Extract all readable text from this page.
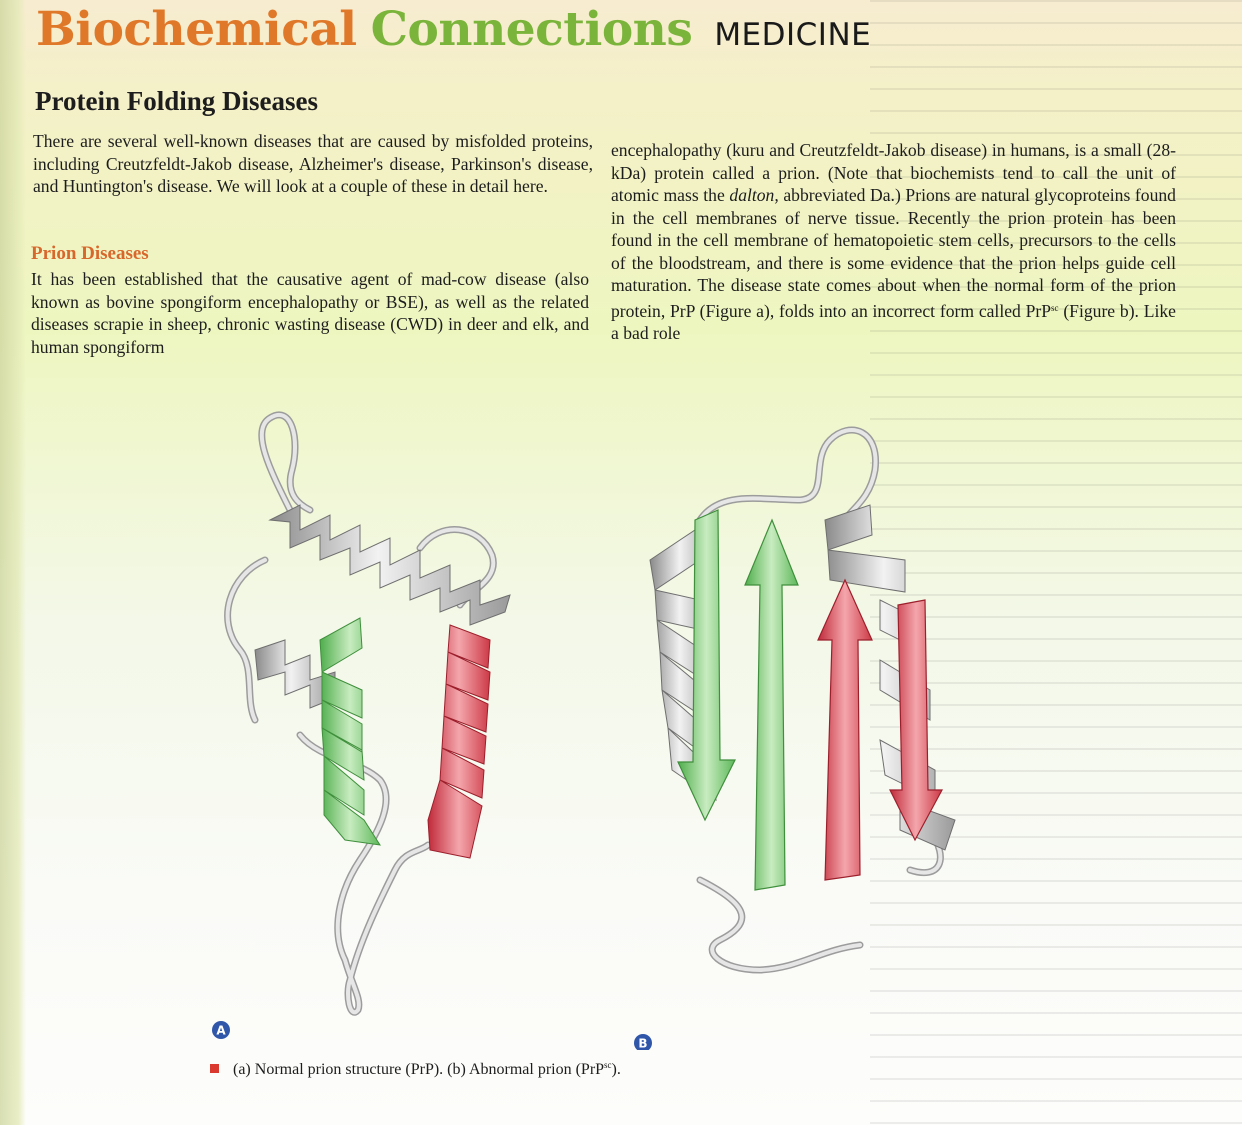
Biochemical Connections MEDICINE
Protein Folding Diseases

There are several well-known diseases that are caused by misfolded proteins, including Creutzfeldt-Jakob disease, Alzheimer's disease, Parkinson's disease, and Huntington's disease. We will look at a couple of these in detail here.

Prion Diseases

It has been established that the causative agent of mad-cow disease (also known as bovine spongiform encephalopathy or BSE), as well as the related diseases scrapie in sheep, chronic wasting disease (CWD) in deer and elk, and human spongiform

encephalopathy (kuru and Creutzfeldt-Jakob disease) in humans, is a small (28-kDa) protein called a prion. (Note that biochemists tend to call the unit of atomic mass the dalton, abbreviated Da.) Prions are natural glycoproteins found in the cell membranes of nerve tissue. Recently the prion protein has been found in the cell membrane of hematopoietic stem cells, precursors to the cells of the bloodstream, and there is some evidence that the prion helps guide cell maturation. The disease state comes about when the normal form of the prion protein, PrP (Figure a), folds into an incorrect form called PrP$^{sc}$ (Figure b). Like a bad role

A
B
(a) Normal prion structure (PrP). (b) Abnormal prion (PrP$^{sc}$).
